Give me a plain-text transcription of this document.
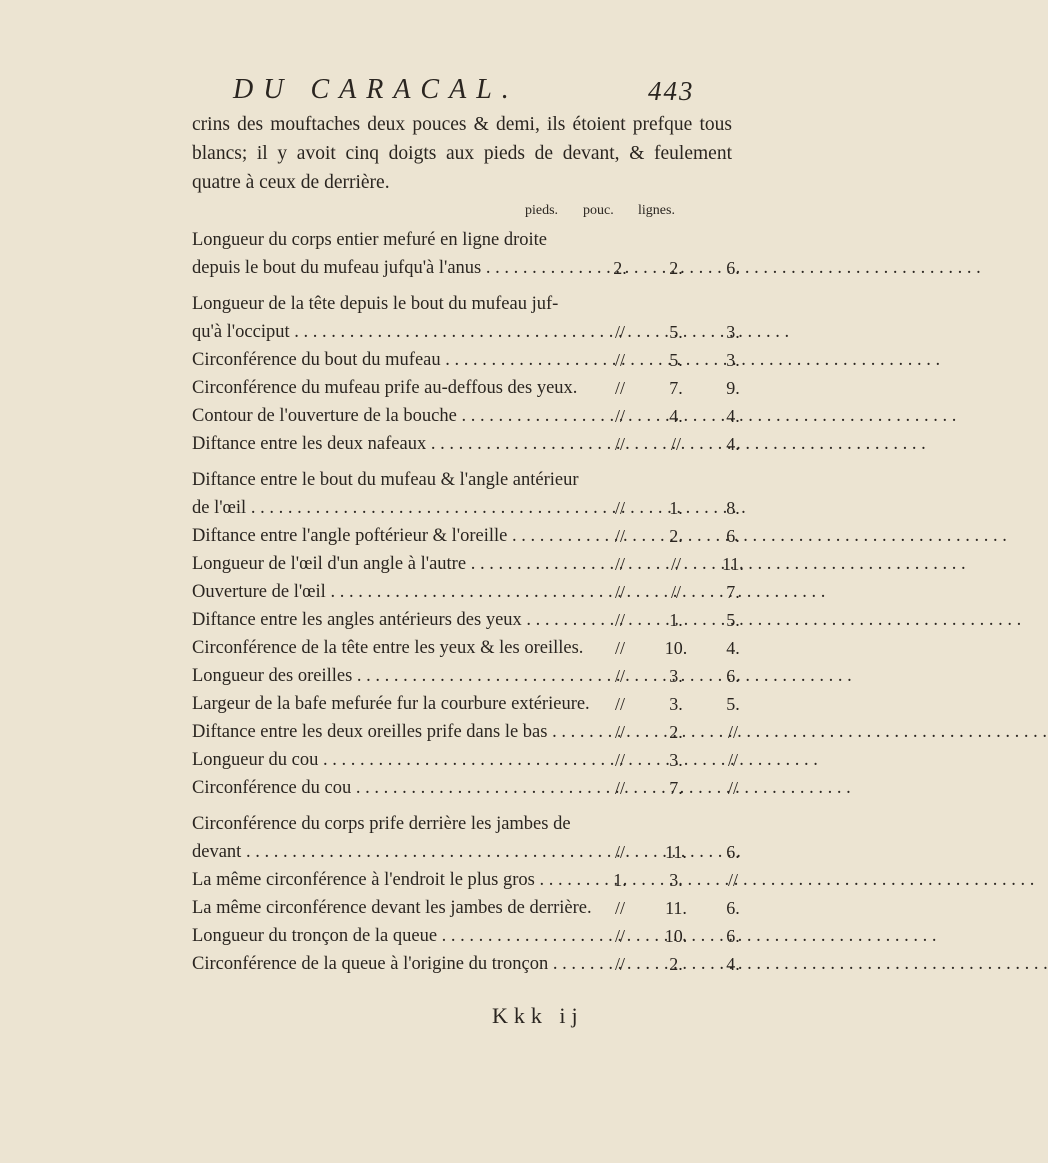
DU CARACAL.	443

crins des mouftaches deux pouces & demi, ils étoient prefque tous blancs; il y avoit cinq doigts aux pieds de devant, & feulement quatre à ceux de derrière.

pieds. pouc. lignes.
Longueur du corps entier mefuré en ligne droite
depuis le bout du mufeau jufqu'à l'anus . . .	2.	2.	6.
Longueur de la tête depuis le bout du mufeau juf-
qu'à l'occiput . . .	//	5.	3.
Circonférence du bout du mufeau . . .	//	5.	3.
Circonférence du mufeau prife au-deffous des yeux.	//	7.	9.
Contour de l'ouverture de la bouche . . .	//	4.	4.
Diftance entre les deux nafeaux . . .	//	//	4.
Diftance entre le bout du mufeau & l'angle antérieur
de l'œil . . .	//	1.	8.
Diftance entre l'angle poftérieur & l'oreille . . .	//	2.	6.
Longueur de l'œil d'un angle à l'autre . . .	//	//	11.
Ouverture de l'œil . . .	//	//	7.
Diftance entre les angles antérieurs des yeux . . .	//	1.	5.
Circonférence de la tête entre les yeux & les oreilles.	//	10.	4.
Longueur des oreilles . . .	//	3.	6.
Largeur de la bafe mefurée fur la courbure extérieure.	//	3.	5.
Diftance entre les deux oreilles prife dans le bas . . .	//	2.	//
Longueur du cou . . .	//	3.	//
Circonférence du cou . . .	//	7.	//
Circonférence du corps prife derrière les jambes de
devant . . .	//	11.	6.
La même circonférence à l'endroit le plus gros . . .	1.	3.	//
La même circonférence devant les jambes de derrière.	//	11.	6.
Longueur du tronçon de la queue . . .	//	10.	6.
Circonférence de la queue à l'origine du tronçon . . .	//	2.	4.
Kkk ij
